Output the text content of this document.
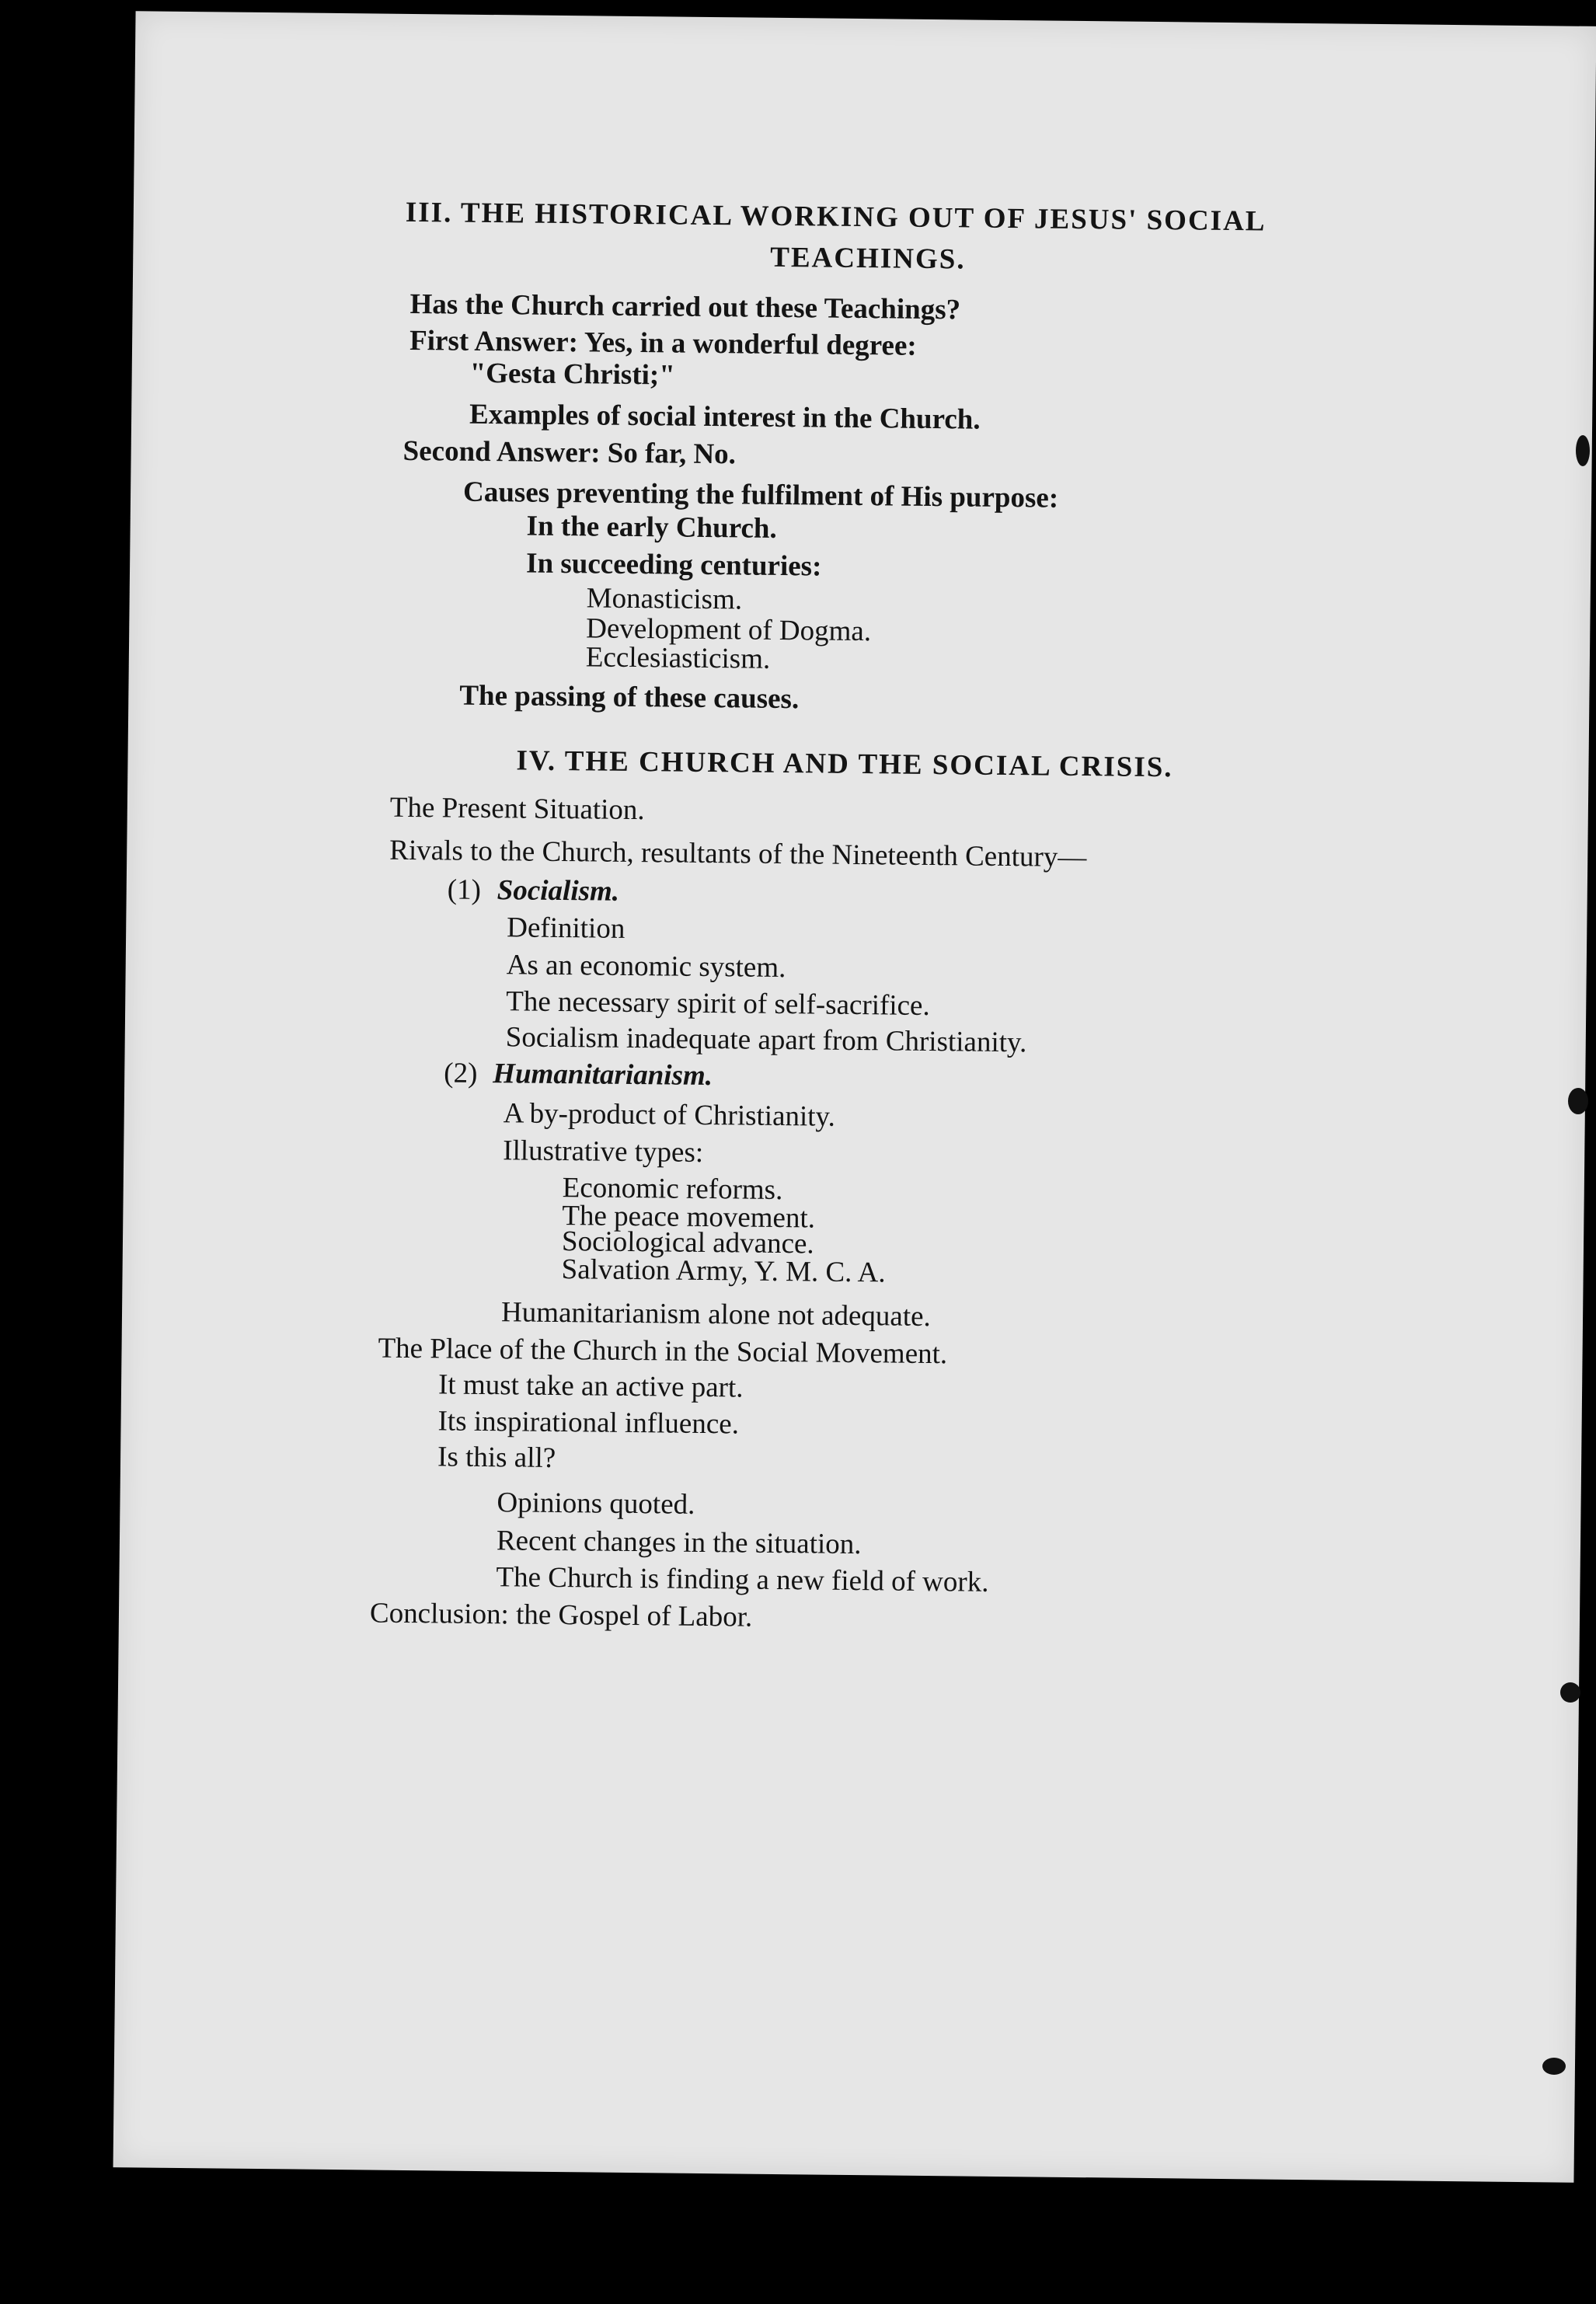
III. THE HISTORICAL WORKING OUT OF JESUS' SOCIAL
TEACHINGS.
Has the Church carried out these Teachings?
First Answer: Yes, in a wonderful degree:
"Gesta Christi;"
Examples of social interest in the Church.
Second Answer: So far, No.
Causes preventing the fulfilment of His purpose:
In the early Church.
In succeeding centuries:
Monasticism.
Development of Dogma.
Ecclesiasticism.
The passing of these causes.
IV. THE CHURCH AND THE SOCIAL CRISIS.
The Present Situation.
Rivals to the Church, resultants of the Nineteenth Century—
(1) Socialism.
Definition
As an economic system.
The necessary spirit of self-sacrifice.
Socialism inadequate apart from Christianity.
(2) Humanitarianism.
A by-product of Christianity.
Illustrative types:
Economic reforms.
The peace movement.
Sociological advance.
Salvation Army, Y. M. C. A.
Humanitarianism alone not adequate.
The Place of the Church in the Social Movement.
It must take an active part.
Its inspirational influence.
Is this all?
Opinions quoted.
Recent changes in the situation.
The Church is finding a new field of work.
Conclusion: the Gospel of Labor.
